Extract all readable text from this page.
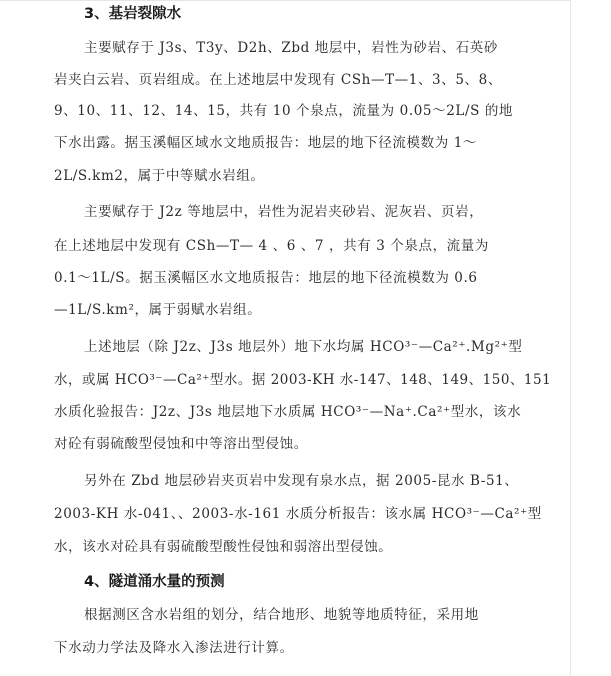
3、基岩裂隙水
主要赋存于 J3s、T3y、D2h、Zbd 地层中，岩性为砂岩、石英砂
岩夹白云岩、页岩组成。在上述地层中发现有 CSh—T—1、3、5、8、
9、10、11、12、14、15，共有 10 个泉点，流量为 0.05～2L/S 的地
下水出露。据玉溪幅区域水文地质报告：地层的地下径流模数为 1～
2L/S.km2，属于中等赋水岩组。
主要赋存于 J2z 等地层中，岩性为泥岩夹砂岩、泥灰岩、页岩，
在上述地层中发现有 CSh—T— 4 、6 、7 ，共有 3 个泉点，流量为
0.1～1L/S。据玉溪幅区水文地质报告：地层的地下径流模数为 0.6
—1L/S.km²，属于弱赋水岩组。
上述地层（除 J2z、J3s 地层外）地下水均属 HCO³⁻—Ca²⁺.Mg²⁺型
水，或属 HCO³⁻—Ca²⁺型水。据 2003-KH 水-147、148、149、150、151
水质化验报告：J2z、J3s 地层地下水质属 HCO³⁻—Na⁺.Ca²⁺型水，该水
对砼有弱硫酸型侵蚀和中等溶出型侵蚀。
另外在 Zbd 地层砂岩夹页岩中发现有泉水点，据 2005-昆水 B-51、
2003-KH 水-041、、2003-水-161 水质分析报告：该水属 HCO³⁻—Ca²⁺型
水，该水对砼具有弱硫酸型酸性侵蚀和弱溶出型侵蚀。
4、隧道涌水量的预测
根据测区含水岩组的划分，结合地形、地貌等地质特征，采用地
下水动力学法及降水入渗法进行计算。
